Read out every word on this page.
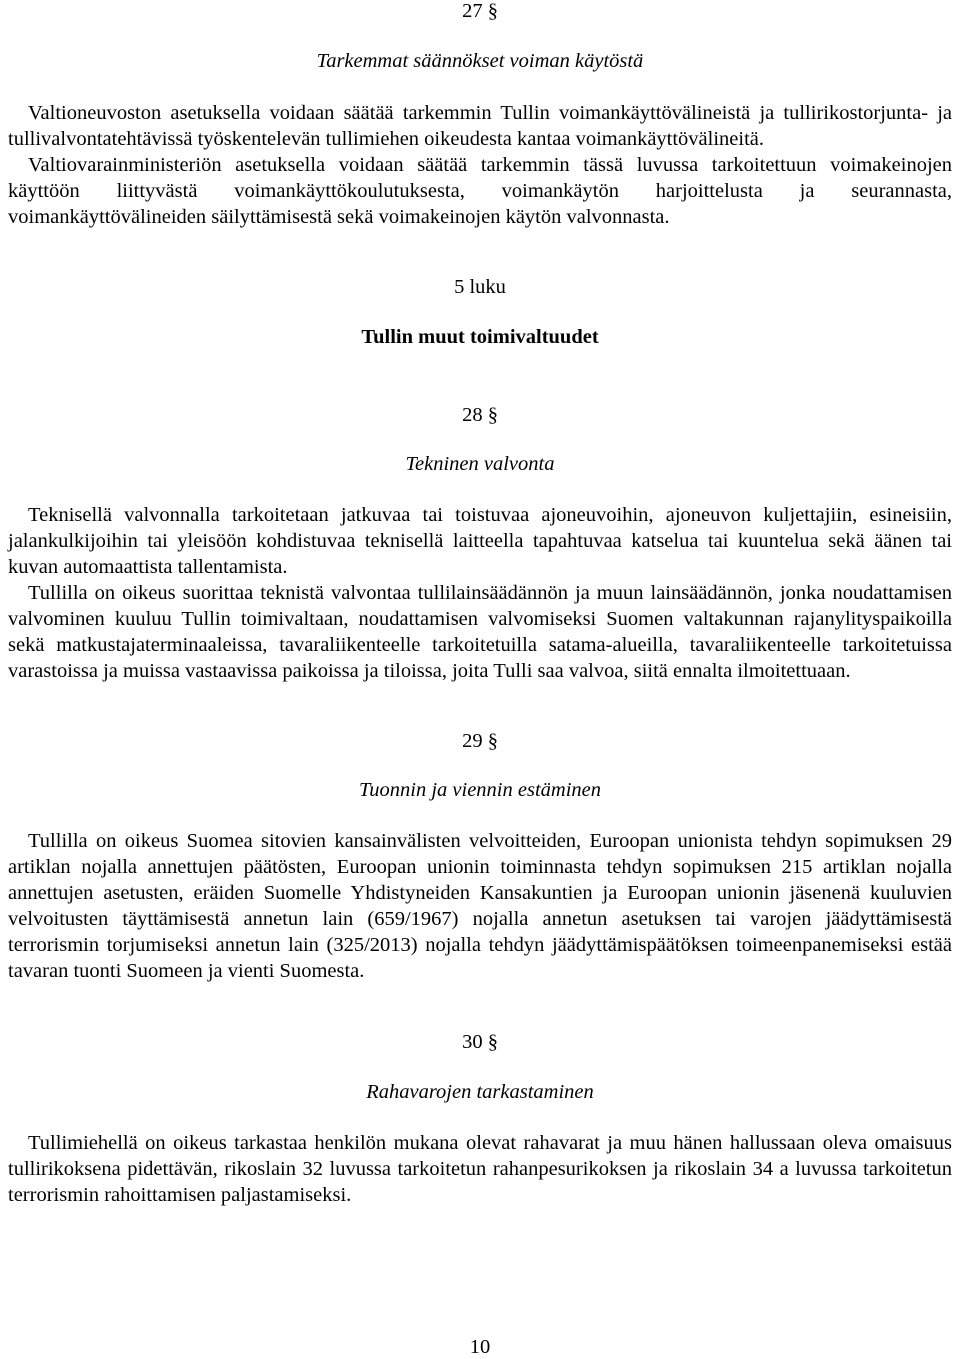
27 §
Tarkemmat säännökset voiman käytöstä

Valtioneuvoston asetuksella voidaan säätää tarkemmin Tullin voimankäyttövälineistä ja tullirikostorjunta- ja tullivalvontatehtävissä työskentelevän tullimiehen oikeudesta kantaa voimankäyttövälineitä.

Valtiovarainministeriön asetuksella voidaan säätää tarkemmin tässä luvussa tarkoitettuun voimakeinojen käyttöön liittyvästä voimankäyttökoulutuksesta, voimankäytön harjoittelusta ja seurannasta, voimankäyttövälineiden säilyttämisestä sekä voimakeinojen käytön valvonnasta.

5 luku
Tullin muut toimivaltuudet
28 §
Tekninen valvonta

Teknisellä valvonnalla tarkoitetaan jatkuvaa tai toistuvaa ajoneuvoihin, ajoneuvon kuljettajiin, esineisiin, jalankulkijoihin tai yleisöön kohdistuvaa teknisellä laitteella tapahtuvaa katselua tai kuuntelua sekä äänen tai kuvan automaattista tallentamista.

Tullilla on oikeus suorittaa teknistä valvontaa tullilainsäädännön ja muun lainsäädännön, jonka noudattamisen valvominen kuuluu Tullin toimivaltaan, noudattamisen valvomiseksi Suomen valtakunnan rajanylityspaikoilla sekä matkustajaterminaaleissa, tavaraliikenteelle tarkoitetuilla satama-alueilla, tavaraliikenteelle tarkoitetuissa varastoissa ja muissa vastaavissa paikoissa ja tiloissa, joita Tulli saa valvoa, siitä ennalta ilmoitettuaan.

29 §
Tuonnin ja viennin estäminen

Tullilla on oikeus Suomea sitovien kansainvälisten velvoitteiden, Euroopan unionista tehdyn sopimuksen 29 artiklan nojalla annettujen päätösten, Euroopan unionin toiminnasta tehdyn sopimuksen 215 artiklan nojalla annettujen asetusten, eräiden Suomelle Yhdistyneiden Kansakuntien ja Euroopan unionin jäsenenä kuuluvien velvoitusten täyttämisestä annetun lain (659/1967) nojalla annetun asetuksen tai varojen jäädyttämisestä terrorismin torjumiseksi annetun lain (325/2013) nojalla tehdyn jäädyttämispäätöksen toimeenpanemiseksi estää tavaran tuonti Suomeen ja vienti Suomesta.

30 §
Rahavarojen tarkastaminen

Tullimiehellä on oikeus tarkastaa henkilön mukana olevat rahavarat ja muu hänen hallussaan oleva omaisuus tullirikoksena pidettävän, rikoslain 32 luvussa tarkoitetun rahanpesurikoksen ja rikoslain 34 a luvussa tarkoitetun terrorismin rahoittamisen paljastamiseksi.

10
